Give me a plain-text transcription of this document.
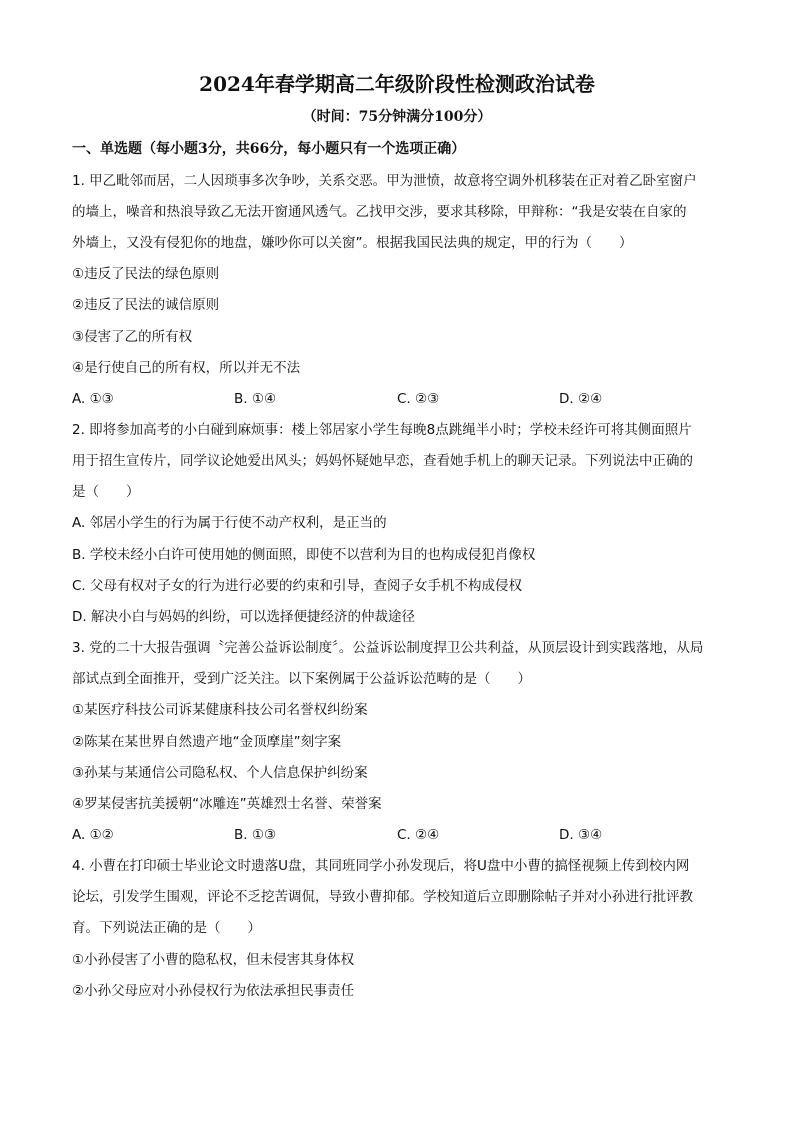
2024年春学期高二年级阶段性检测政治试卷
（时间：75分钟满分100分）
一、单选题（每小题3分，共66分，每小题只有一个选项正确）
1. 甲乙毗邻而居，二人因琐事多次争吵，关系交恶。甲为泄愤，故意将空调外机移装在正对着乙卧室窗户
的墙上，噪音和热浪导致乙无法开窗通风透气。乙找甲交涉，要求其移除，甲辩称：“我是安装在自家的
外墙上，又没有侵犯你的地盘，嫌吵你可以关窗”。根据我国民法典的规定，甲的行为（　　）
①违反了民法的绿色原则
②违反了民法的诚信原则
③侵害了乙的所有权
④是行使自己的所有权，所以并无不法
A. ①③	B. ①④	C. ②③	D. ②④
2. 即将参加高考的小白碰到麻烦事：楼上邻居家小学生每晚8点跳绳半小时；学校未经许可将其侧面照片
用于招生宣传片，同学议论她爱出风头；妈妈怀疑她早恋，查看她手机上的聊天记录。下列说法中正确的
是（　　）
A. 邻居小学生的行为属于行使不动产权利，是正当的
B. 学校未经小白许可使用她的侧面照，即使不以营利为目的也构成侵犯肖像权
C. 父母有权对子女的行为进行必要的约束和引导，查阅子女手机不构成侵权
D. 解决小白与妈妈的纠纷，可以选择便捷经济的仲裁途径
3. 党的二十大报告强调〝完善公益诉讼制度〞。公益诉讼制度捍卫公共利益，从顶层设计到实践落地，从局
部试点到全面推开，受到广泛关注。以下案例属于公益诉讼范畴的是（　　）
①某医疗科技公司诉某健康科技公司名誉权纠纷案
②陈某在某世界自然遗产地“金顶摩崖”刻字案
③孙某与某通信公司隐私权、个人信息保护纠纷案
④罗某侵害抗美援朝“冰雕连”英雄烈士名誉、荣誉案
A. ①②	B. ①③	C. ②④	D. ③④
4. 小曹在打印硕士毕业论文时遗落U盘，其同班同学小孙发现后，将U盘中小曹的搞怪视频上传到校内网
论坛，引发学生围观，评论不乏挖苦调侃，导致小曹抑郁。学校知道后立即删除帖子并对小孙进行批评教
育。下列说法正确的是（　　）
①小孙侵害了小曹的隐私权，但未侵害其身体权
②小孙父母应对小孙侵权行为依法承担民事责任
